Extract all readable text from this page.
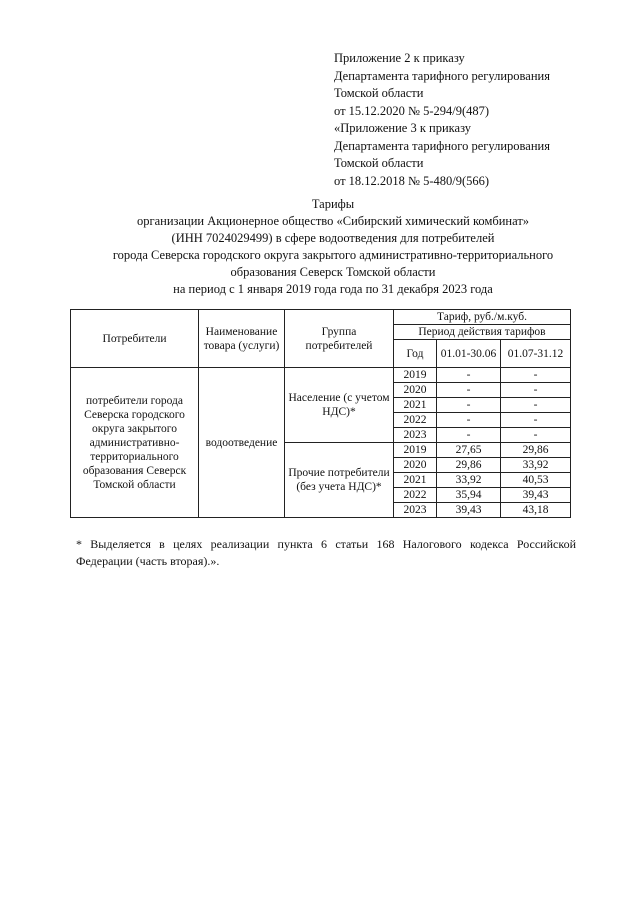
Приложение 2 к приказу
Департамента тарифного регулирования
Томской области
от 15.12.2020 № 5-294/9(487)
«Приложение 3 к приказу
Департамента тарифного регулирования
Томской области
от 18.12.2018 № 5-480/9(566)
Тарифы
организации Акционерное общество «Сибирский химический комбинат»
(ИНН 7024029499) в сфере водоотведения для потребителей
города Северска городского округа закрытого административно-территориального
образования Северск Томской области
на период с 1 января 2019 года года по 31 декабря 2023 года
Потребители	Наименование товара (услуги)	Группа потребителей	Тариф, руб./м.куб.		
			Период действия тарифов		
			Год	01.01-30.06	01.07-31.12
потребители города Северска городского округа закрытого административно-территориального образования Северск Томской области	водоотведение	Население (с учетом НДС)*	2019	-	-
			2020	-	-
			2021	-	-
			2022	-	-
			2023	-	-
		Прочие потребители (без учета НДС)*	2019	27,65	29,86
			2020	29,86	33,92
			2021	33,92	40,53
			2022	35,94	39,43
			2023	39,43	43,18
* Выделяется в целях реализации пункта 6 статьи 168 Налогового кодекса Российской Федерации (часть вторая).».
